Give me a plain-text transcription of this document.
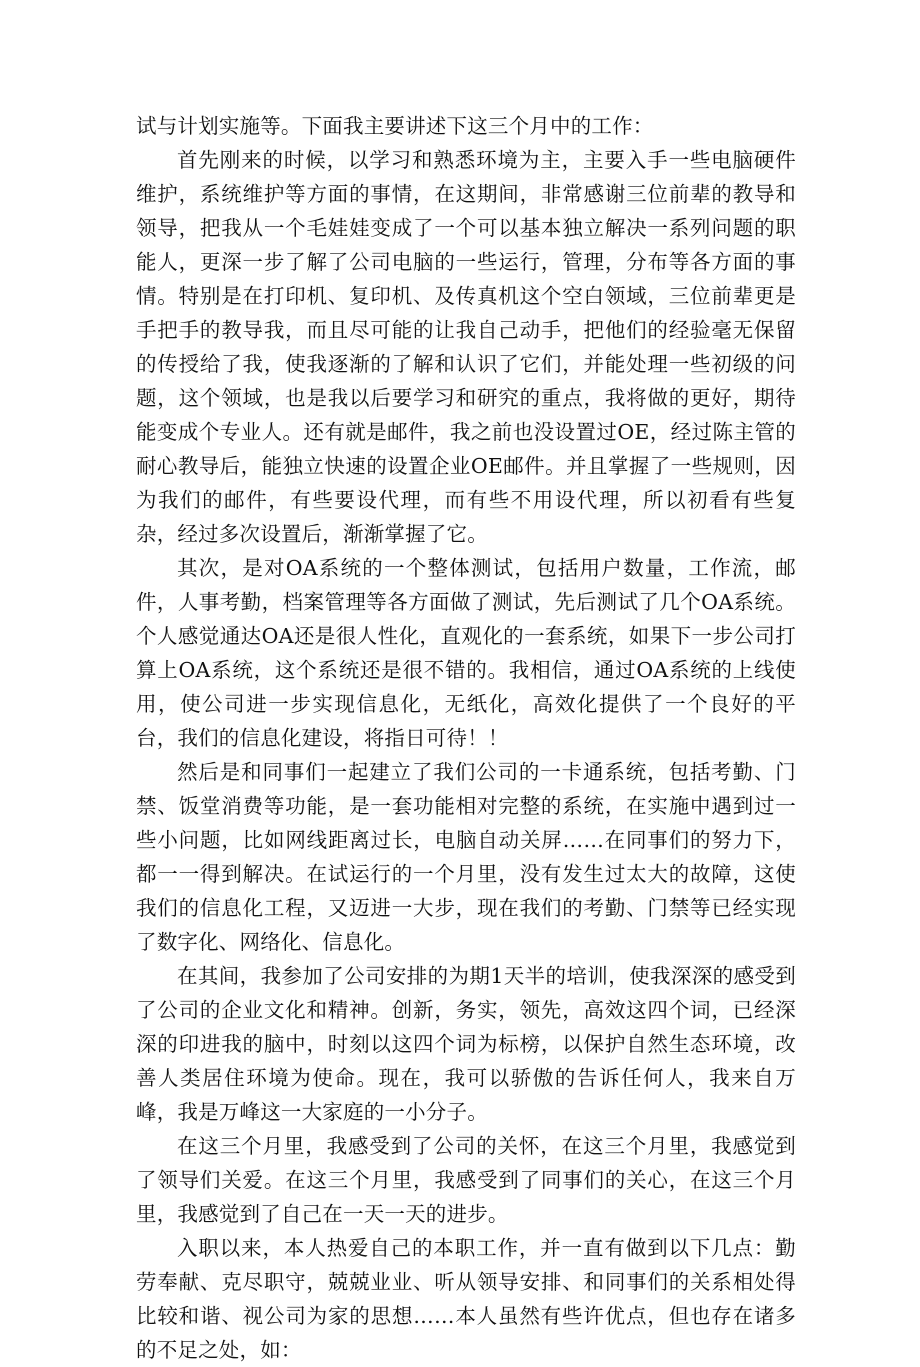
试与计划实施等。下面我主要讲述下这三个月中的工作：

首先刚来的时候，以学习和熟悉环境为主，主要入手一些电脑硬件维护，系统维护等方面的事情，在这期间，非常感谢三位前辈的教导和领导，把我从一个毛娃娃变成了一个可以基本独立解决一系列问题的职能人，更深一步了解了公司电脑的一些运行，管理，分布等各方面的事情。特别是在打印机、复印机、及传真机这个空白领域，三位前辈更是手把手的教导我，而且尽可能的让我自己动手，把他们的经验毫无保留的传授给了我，使我逐渐的了解和认识了它们，并能处理一些初级的问题，这个领域，也是我以后要学习和研究的重点，我将做的更好，期待能变成个专业人。还有就是邮件，我之前也没设置过OE，经过陈主管的耐心教导后，能独立快速的设置企业OE邮件。并且掌握了一些规则，因为我们的邮件，有些要设代理，而有些不用设代理，所以初看有些复杂，经过多次设置后，渐渐掌握了它。

其次，是对OA系统的一个整体测试，包括用户数量，工作流，邮件，人事考勤，档案管理等各方面做了测试，先后测试了几个OA系统。个人感觉通达OA还是很人性化，直观化的一套系统，如果下一步公司打算上OA系统，这个系统还是很不错的。我相信，通过OA系统的上线使用，使公司进一步实现信息化，无纸化，高效化提供了一个良好的平台，我们的信息化建设，将指日可待！！

然后是和同事们一起建立了我们公司的一卡通系统，包括考勤、门禁、饭堂消费等功能，是一套功能相对完整的系统，在实施中遇到过一些小问题，比如网线距离过长，电脑自动关屏……在同事们的努力下，都一一得到解决。在试运行的一个月里，没有发生过太大的故障，这使我们的信息化工程，又迈进一大步，现在我们的考勤、门禁等已经实现了数字化、网络化、信息化。

在其间，我参加了公司安排的为期1天半的培训，使我深深的感受到了公司的企业文化和精神。创新，务实，领先，高效这四个词，已经深深的印进我的脑中，时刻以这四个词为标榜，以保护自然生态环境，改善人类居住环境为使命。现在，我可以骄傲的告诉任何人，我来自万峰，我是万峰这一大家庭的一小分子。

在这三个月里，我感受到了公司的关怀，在这三个月里，我感觉到了领导们关爱。在这三个月里，我感受到了同事们的关心，在这三个月里，我感觉到了自己在一天一天的进步。

入职以来，本人热爱自己的本职工作，并一直有做到以下几点：勤劳奉献、克尽职守，兢兢业业、听从领导安排、和同事们的关系相处得比较和谐、视公司为家的思想……本人虽然有些许优点，但也存在诸多的不足之处，如：
